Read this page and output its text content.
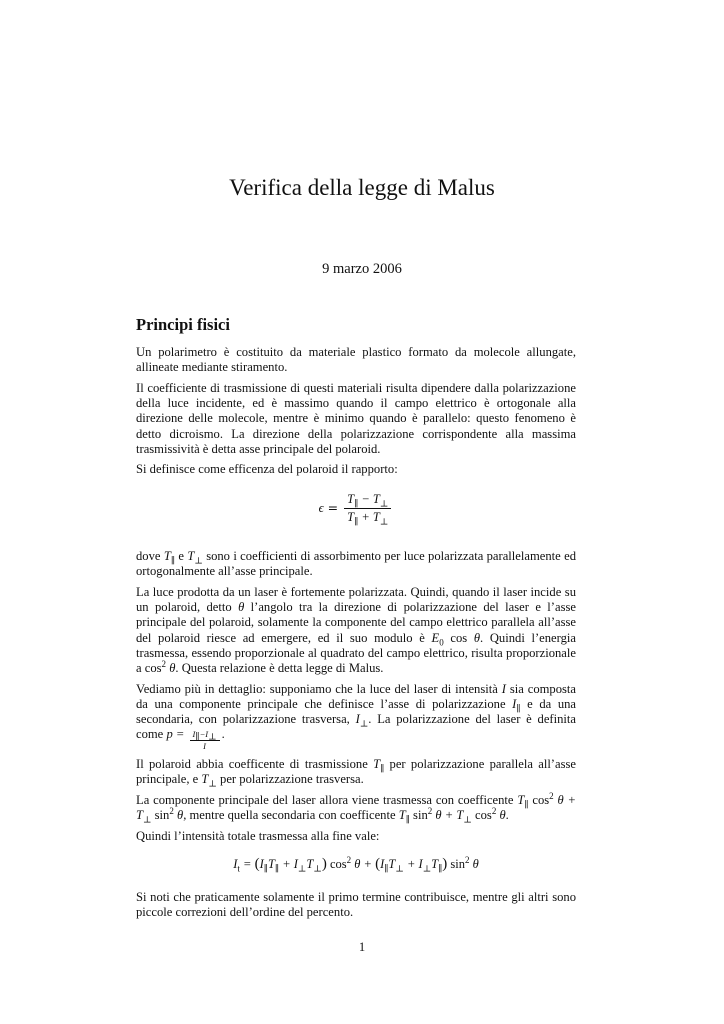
Verifica della legge di Malus
9 marzo 2006
Principi fisici

Un polarimetro è costituito da materiale plastico formato da molecole allungate, allineate mediante stiramento.

Il coefficiente di trasmissione di questi materiali risulta dipendere dalla polarizzazione della luce incidente, ed è massimo quando il campo elettrico è ortogonale alla direzione delle molecole, mentre è minimo quando è parallelo: questo fenomeno è detto dicroismo. La direzione della polarizzazione corrispondente alla massima trasmissività è detta asse principale del polaroid.

Si definisce come efficenza del polaroid il rapporto:

$\epsilon = \frac{T_\parallel - T_\perp}{T_\parallel + T_\perp}$

dove $T_\parallel$ e $T_\perp$ sono i coefficienti di assorbimento per luce polarizzata parallelamente ed ortogonalmente all’asse principale.

La luce prodotta da un laser è fortemente polarizzata. Quindi, quando il laser incide su un polaroid, detto θ l’angolo tra la direzione di polarizzazione del laser e l’asse principale del polaroid, solamente la componente del campo elettrico parallela all’asse del polaroid riesce ad emergere, ed il suo modulo è $E_0$ cos θ. Quindi l’energia trasmessa, essendo proporzionale al quadrato del campo elettrico, risulta proporzionale a $\cos^2 \theta$. Questa relazione è detta legge di Malus.

Vediamo più in dettaglio: supponiamo che la luce del laser di intensità I sia composta da una componente principale che definisce l’asse di polarizzazione $I_\parallel$ e da una secondaria, con polarizzazione trasversa, $I_\perp$. La polarizzazione del laser è definita come $p = \frac{I_\parallel-I_\perp}{I}$ .

Il polaroid abbia coefficente di trasmissione $T_\parallel$ per polarizzazione parallela all’asse principale, e $T_\perp$ per polarizzazione trasversa.

La componente principale del laser allora viene trasmessa con coefficente $T_\parallel$ $\cos^2 \theta + T_\perp$ $\sin^2 \theta$, mentre quella secondaria con coefficente $T_\parallel$ $\sin^2 \theta + T_\perp$ $\cos^2 \theta$.

Quindi l’intensità totale trasmessa alla fine vale:

$I_t = (I_\parallel T_\parallel + I_\perp T_\perp)$ $\cos^2 \theta + (I_\parallel T_\perp + I_\perp T_\parallel)$ $\sin^2 \theta$

Si noti che praticamente solamente il primo termine contribuisce, mentre gli altri sono piccole correzioni dell’ordine del percento.

1
